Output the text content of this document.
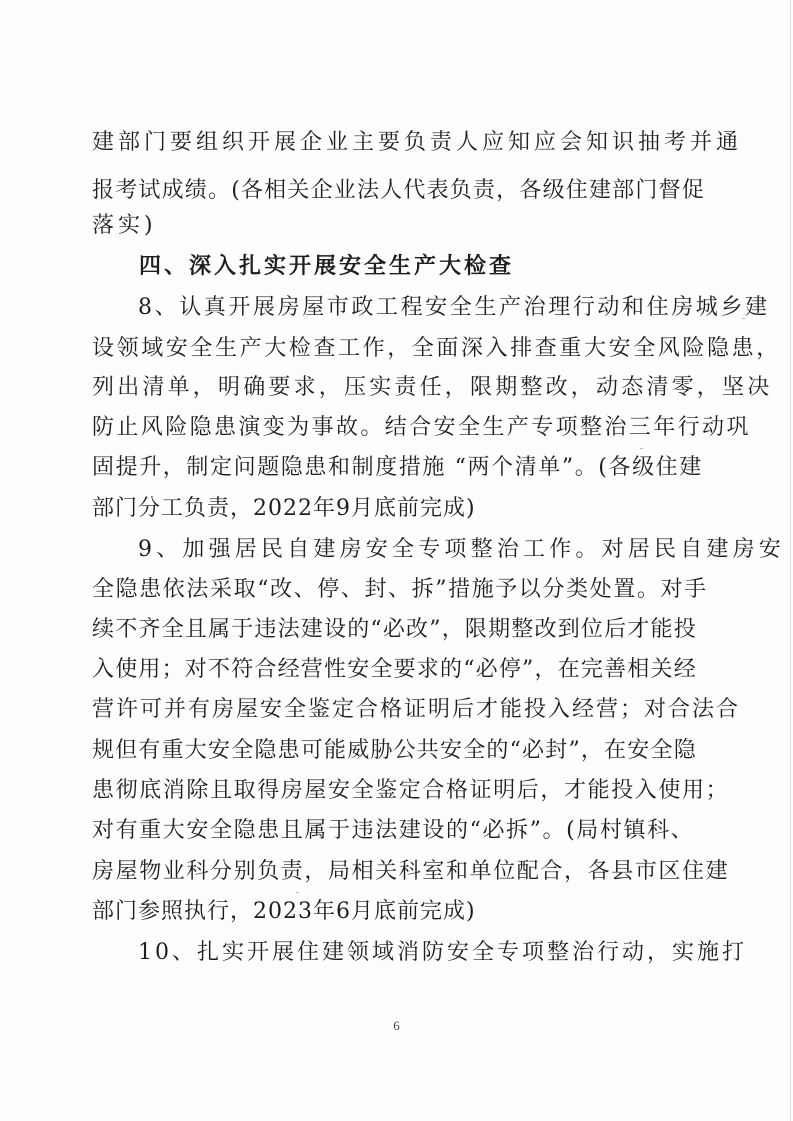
建部门要组织开展企业主要负责人应知应会知识抽考并通
报考试成绩。(各相关企业法人代表负责，各级住建部门督促
落实)
四、深入扎实开展安全生产大检查
8、认真开展房屋市政工程安全生产治理行动和住房城乡建
设领域安全生产大检查工作，全面深入排查重大安全风险隐患，
列出清单，明确要求，压实责任，限期整改，动态清零，坚决
防止风险隐患演变为事故。结合安全生产专项整治三年行动巩
固提升，制定问题隐患和制度措施 “两个清单”。(各级住建
部门分工负责，2022年9月底前完成)
9、加强居民自建房安全专项整治工作。对居民自建房安
全隐患依法采取“改、停、封、拆”措施予以分类处置。对手
续不齐全且属于违法建设的“必改”，限期整改到位后才能投
入使用；对不符合经营性安全要求的“必停”，在完善相关经
营许可并有房屋安全鉴定合格证明后才能投入经营；对合法合
规但有重大安全隐患可能威胁公共安全的“必封”，在安全隐
患彻底消除且取得房屋安全鉴定合格证明后，才能投入使用；
对有重大安全隐患且属于违法建设的“必拆”。(局村镇科、
房屋物业科分别负责，局相关科室和单位配合，各县市区住建
部门参照执行，2023年6月底前完成)
10、扎实开展住建领域消防安全专项整治行动，实施打
6
